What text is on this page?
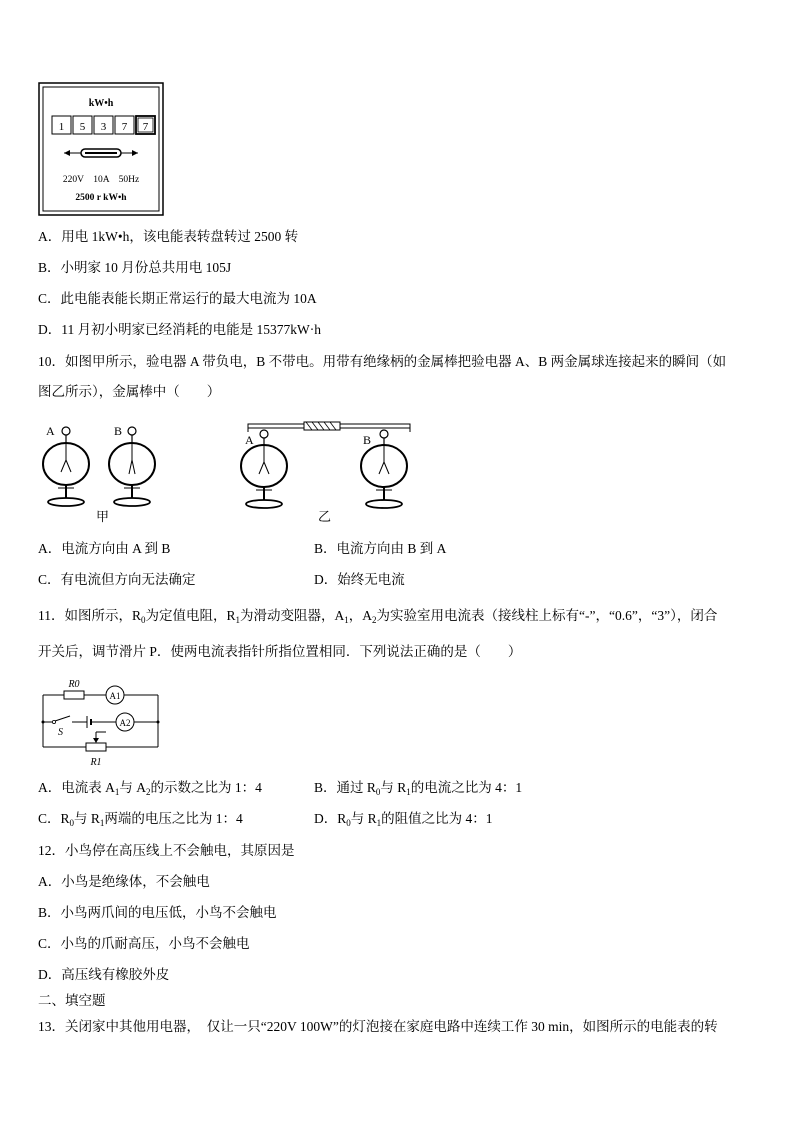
kW•h
1 5 3 7 7
220V    10A    50Hz
2500 r kW•h
A．用电 1kW•h，该电能表转盘转过 2500 转
B．小明家 10 月份总共用电 105J
C．此电能表能长期正常运行的最大电流为 10A
D．11 月初小明家已经消耗的电能是 15377kW·h
10．如图甲所示，验电器 A 带负电，B 不带电。用带有绝缘柄的金属棒把验电器 A、B 两金属球连接起来的瞬间（如
图乙所示），金属棒中（　　）
A	B
甲
A	B
乙
A．电流方向由 A 到 B	B．电流方向由 B 到 A
C．有电流但方向无法确定	D．始终无电流
11．如图所示，$R_0$为定值电阻，$R_1$为滑动变阻器，$A_1$，$A_2$为实验室用电流表（接线柱上标有“-”，“0.6”，“3”），闭合
开关后，调节滑片 P．使两电流表指针所指位置相同．下列说法正确的是（　　）
R0
A1
A2
S
R1
A．电流表 $A_1$与 $A_2$的示数之比为 1：4	B．通过 $R_0$与 $R_1$的电流之比为 4：1
C．$R_0$与 $R_1$两端的电压之比为 1：4	D．$R_0$与 $R_1$的阻值之比为 4：1
12．小鸟停在高压线上不会触电，其原因是
A．小鸟是绝缘体，不会触电
B．小鸟两爪间的电压低，小鸟不会触电
C．小鸟的爪耐高压，小鸟不会触电
D．高压线有橡胶外皮
二、填空题
13．关闭家中其他用电器，　仅让一只“220V 100W”的灯泡接在家庭电路中连续工作 30 min，如图所示的电能表的转
